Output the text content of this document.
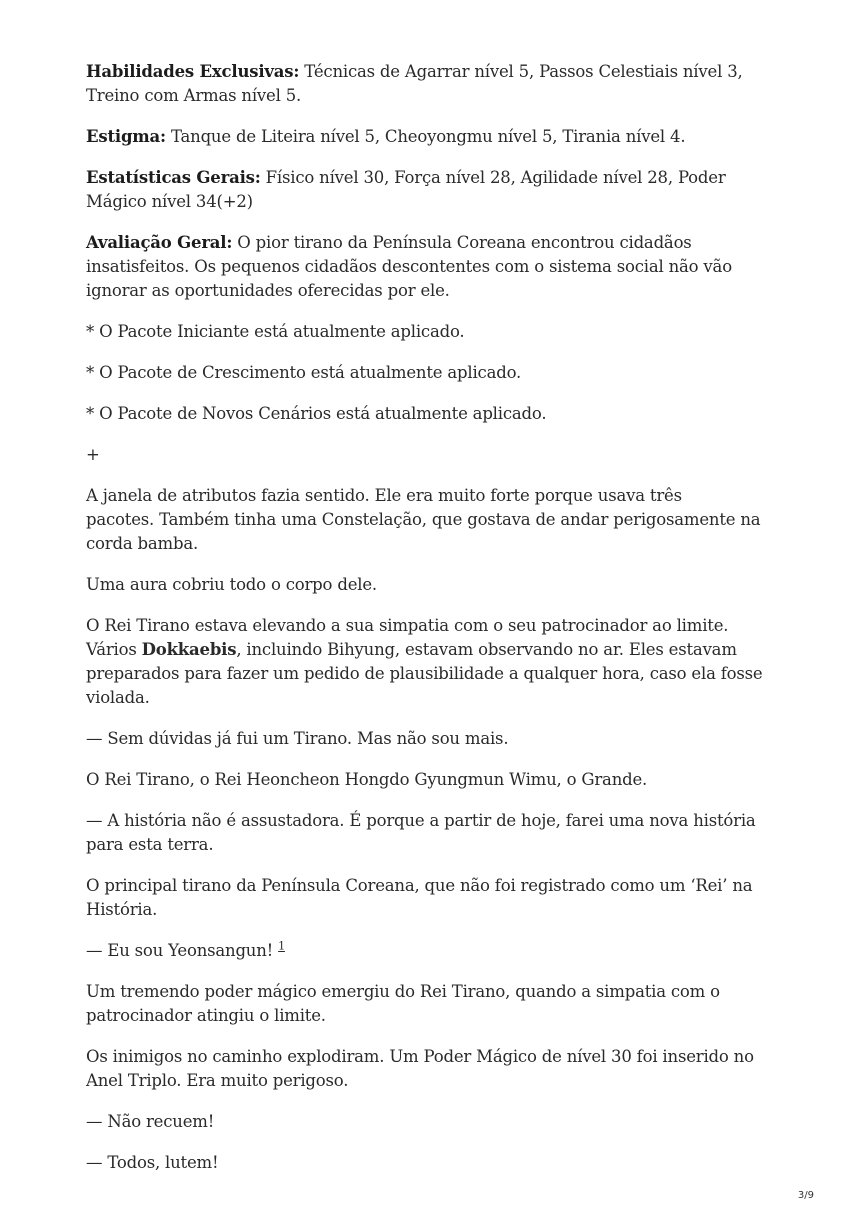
Habilidades Exclusivas: Técnicas de Agarrar nível 5, Passos Celestiais nível 3, Treino com Armas nível 5.

Estigma: Tanque de Liteira nível 5, Cheoyongmu nível 5, Tirania nível 4.

Estatísticas Gerais: Físico nível 30, Força nível 28, Agilidade nível 28, Poder Mágico nível 34(+2)

Avaliação Geral: O pior tirano da Península Coreana encontrou cidadãos insatisfeitos. Os pequenos cidadãos descontentes com o sistema social não vão ignorar as oportunidades oferecidas por ele.

* O Pacote Iniciante está atualmente aplicado.

* O Pacote de Crescimento está atualmente aplicado.

* O Pacote de Novos Cenários está atualmente aplicado.

+

A janela de atributos fazia sentido. Ele era muito forte porque usava três
pacotes. Também tinha uma Constelação, que gostava de andar perigosamente na corda bamba.

Uma aura cobriu todo o corpo dele.

O Rei Tirano estava elevando a sua simpatia com o seu patrocinador ao limite.
Vários Dokkaebis, incluindo Bihyung, estavam observando no ar. Eles estavam preparados para fazer um pedido de plausibilidade a qualquer hora, caso ela fosse violada.

— Sem dúvidas já fui um Tirano. Mas não sou mais.

O Rei Tirano, o Rei Heoncheon Hongdo Gyungmun Wimu, o Grande.

— A história não é assustadora. É porque a partir de hoje, farei uma nova história para esta terra.

O principal tirano da Península Coreana, que não foi registrado como um ‘Rei’ na História.

— Eu sou Yeonsangun! $^1$

Um tremendo poder mágico emergiu do Rei Tirano, quando a simpatia com o patrocinador atingiu o limite.

Os inimigos no caminho explodiram. Um Poder Mágico de nível 30 foi inserido no Anel Triplo. Era muito perigoso.

— Não recuem!

— Todos, lutem!

3/9
